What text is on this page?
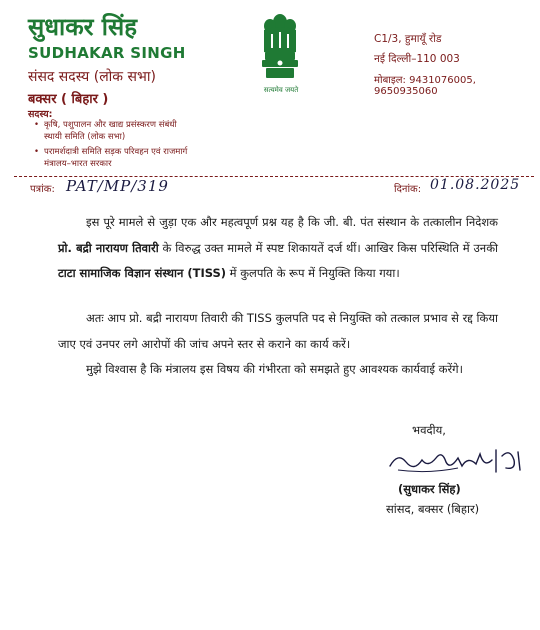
सुधाकर सिंह
SUDHAKAR SINGH
संसद सदस्य (लोक सभा)
बक्सर ( बिहार )
सदस्य:
• कृषि, पशुपालन और खाद्य प्रसंस्करण संबंधी स्थायी समिति (लोक सभा)
• परामर्शदात्री समिति सड़क परिवहन एवं राजमार्ग मंत्रालय–भारत सरकार
सत्यमेव जयते
C1/3, हुमायूँ रोड
नई दिल्ली–110 003
मोबाइल: 9431076005, 9650935060
पत्रांक: PAT/MP/319	दिनांक: 01.08.2025
इस पूरे मामले से जुड़ा एक और महत्वपूर्ण प्रश्न यह है कि जी. बी. पंत संस्थान के तत्कालीन निदेशक प्रो. बद्री नारायण तिवारी के विरुद्ध उक्त मामले में स्पष्ट शिकायतें दर्ज थीं। आखिर किस परिस्थिति में उनकी टाटा सामाजिक विज्ञान संस्थान (TISS) में कुलपति के रूप में नियुक्ति किया गया।
अतः आप प्रो. बद्री नारायण तिवारी की TISS कुलपति पद से नियुक्ति को तत्काल प्रभाव से रद्द किया जाए एवं उनपर लगे आरोपों की जांच अपने स्तर से कराने का कार्य करें।
मुझे विश्वास है कि मंत्रालय इस विषय की गंभीरता को समझते हुए आवश्यक कार्यवाई करेंगे।
भवदीय,
(सुधाकर सिंह)
सांसद, बक्सर (बिहार)
